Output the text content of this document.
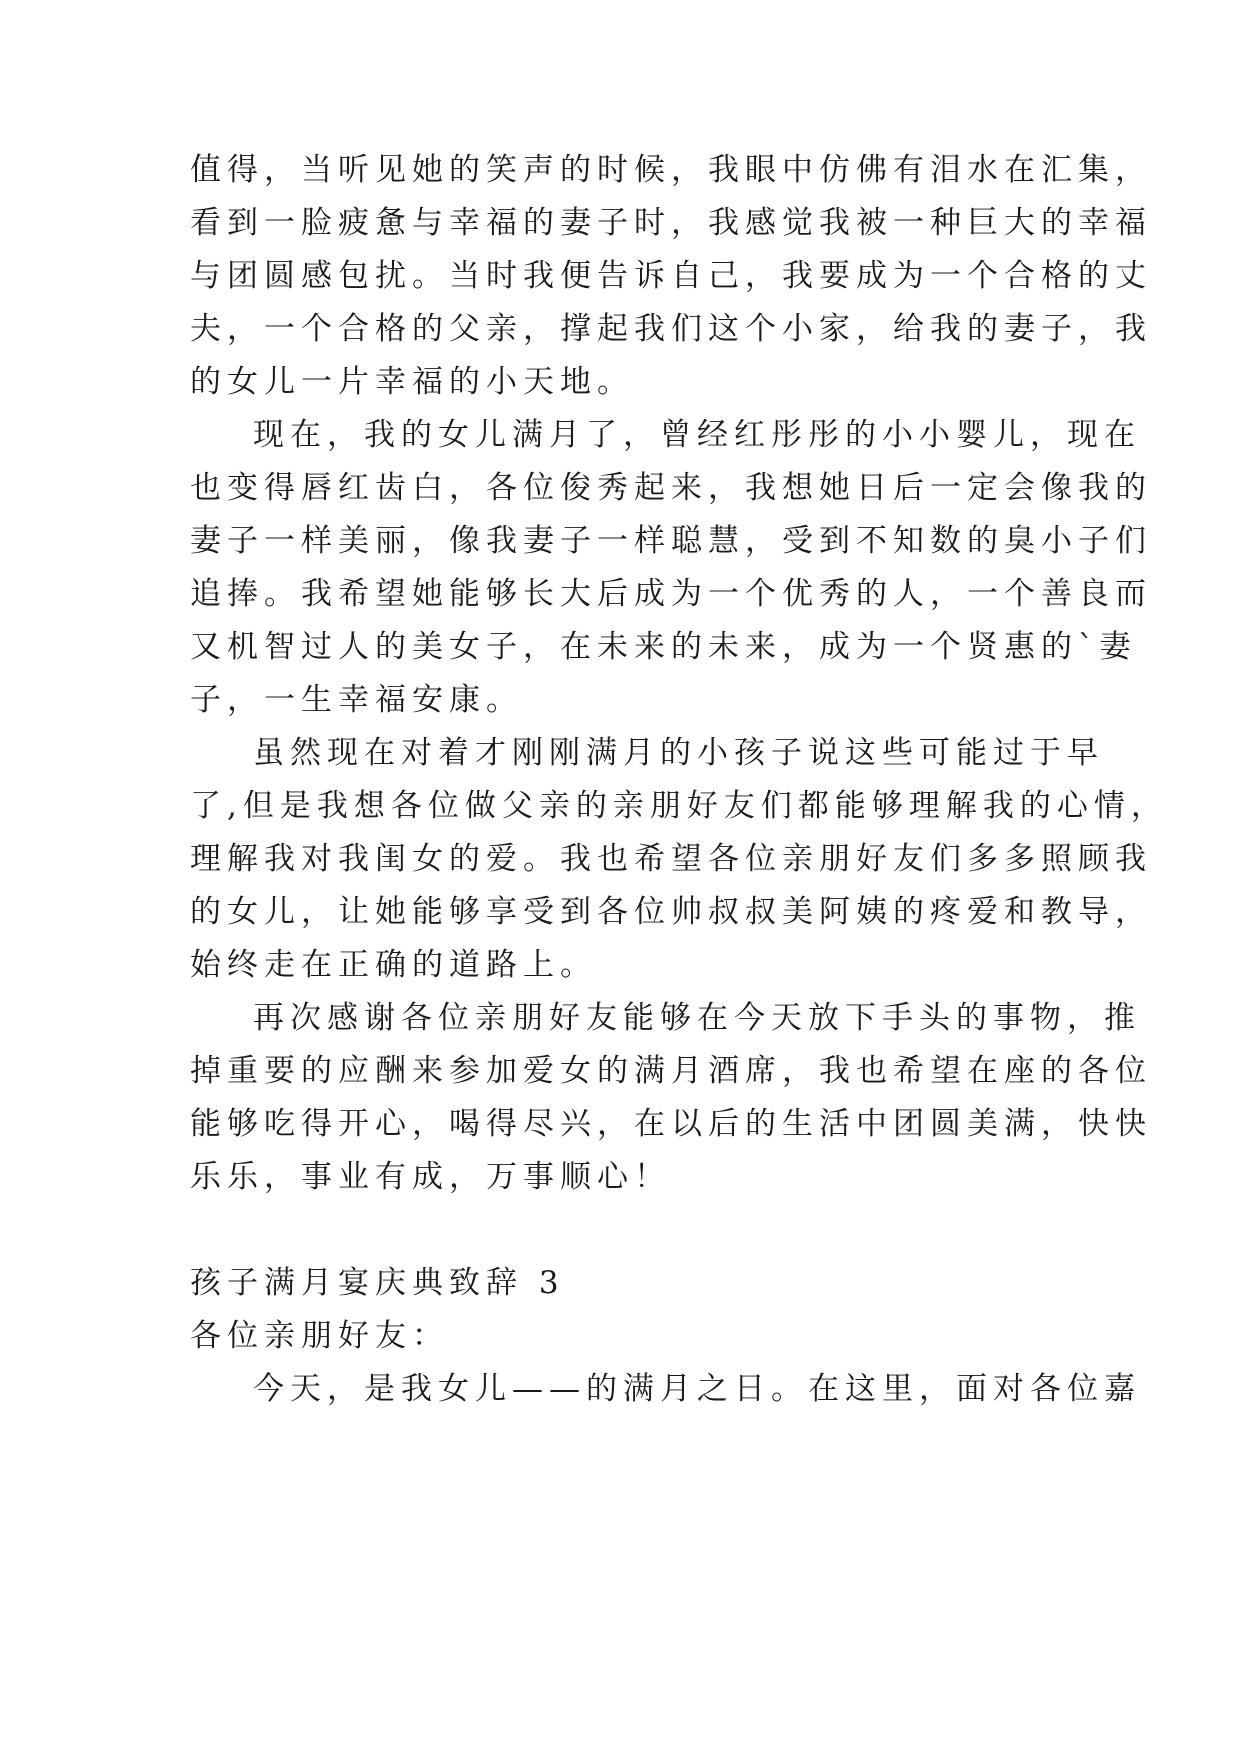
值得，当听见她的笑声的时候，我眼中仿佛有泪水在汇集，
看到一脸疲惫与幸福的妻子时，我感觉我被一种巨大的幸福
与团圆感包扰。当时我便告诉自己，我要成为一个合格的丈
夫，一个合格的父亲，撑起我们这个小家，给我的妻子，我
的女儿一片幸福的小天地。
现在，我的女儿满月了，曾经红彤彤的小小婴儿，现在
也变得唇红齿白，各位俊秀起来，我想她日后一定会像我的
妻子一样美丽，像我妻子一样聪慧，受到不知数的臭小子们
追捧。我希望她能够长大后成为一个优秀的人，一个善良而
又机智过人的美女子，在未来的未来，成为一个贤惠的`妻
子，一生幸福安康。
虽然现在对着才刚刚满月的小孩子说这些可能过于早
了,但是我想各位做父亲的亲朋好友们都能够理解我的心情，
理解我对我闺女的爱。我也希望各位亲朋好友们多多照顾我
的女儿，让她能够享受到各位帅叔叔美阿姨的疼爱和教导，
始终走在正确的道路上。
再次感谢各位亲朋好友能够在今天放下手头的事物，推
掉重要的应酬来参加爱女的满月酒席，我也希望在座的各位
能够吃得开心，喝得尽兴，在以后的生活中团圆美满，快快
乐乐，事业有成，万事顺心！
孩子满月宴庆典致辞 3
各位亲朋好友：
今天，是我女儿——的满月之日。在这里，面对各位嘉
